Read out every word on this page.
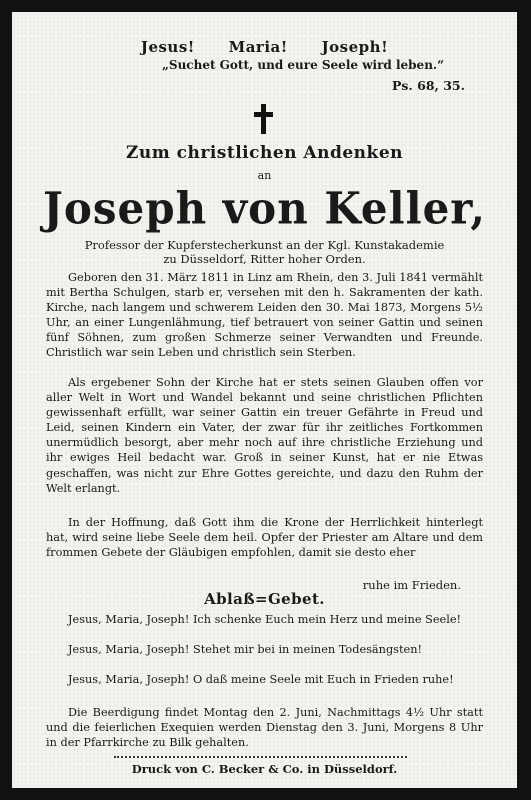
Jesus! Maria! Joseph!
„Suchet Gott, und eure Seele wird leben.“
Ps. 68, 35.
Zum christlichen Andenken
an
Joseph von Keller,
Professor der Kupferstecherkunst an der Kgl. Kunstakademie
zu Düsseldorf, Ritter hoher Orden.
Geboren den 31. März 1811 in Linz am Rhein, den 3. Juli 1841 vermählt mit Bertha Schulgen, starb er, versehen mit den h. Sakramenten der kath. Kirche, nach langem und schwerem Leiden den 30. Mai 1873, Morgens 5½ Uhr, an einer Lungenlähmung, tief betrauert von seiner Gattin und seinen fünf Söhnen, zum großen Schmerze seiner Verwandten und Freunde. Christlich war sein Leben und christlich sein Sterben.
Als ergebener Sohn der Kirche hat er stets seinen Glauben offen vor aller Welt in Wort und Wandel bekannt und seine christlichen Pflichten gewissenhaft erfüllt, war seiner Gattin ein treuer Gefährte in Freud und Leid, seinen Kindern ein Vater, der zwar für ihr zeitliches Fortkommen unermüdlich besorgt, aber mehr noch auf ihre christliche Erziehung und ihr ewiges Heil bedacht war. Groß in seiner Kunst, hat er nie Etwas geschaffen, was nicht zur Ehre Gottes gereichte, und dazu den Ruhm der Welt erlangt.
In der Hoffnung, daß Gott ihm die Krone der Herrlichkeit hinterlegt hat, wird seine liebe Seele dem heil. Opfer der Priester am Altare und dem frommen Gebete der Gläubigen empfohlen, damit sie desto eher
ruhe im Frieden.
Ablaß=Gebet.
Jesus, Maria, Joseph! Ich schenke Euch mein Herz und meine Seele!
Jesus, Maria, Joseph! Stehet mir bei in meinen Todesängsten!
Jesus, Maria, Joseph! O daß meine Seele mit Euch in Frieden ruhe!
Die Beerdigung findet Montag den 2. Juni, Nachmittags 4½ Uhr statt und die feierlichen Exequien werden Dienstag den 3. Juni, Morgens 8 Uhr in der Pfarrkirche zu Bilk gehalten.
Druck von C. Becker & Co. in Düsseldorf.
